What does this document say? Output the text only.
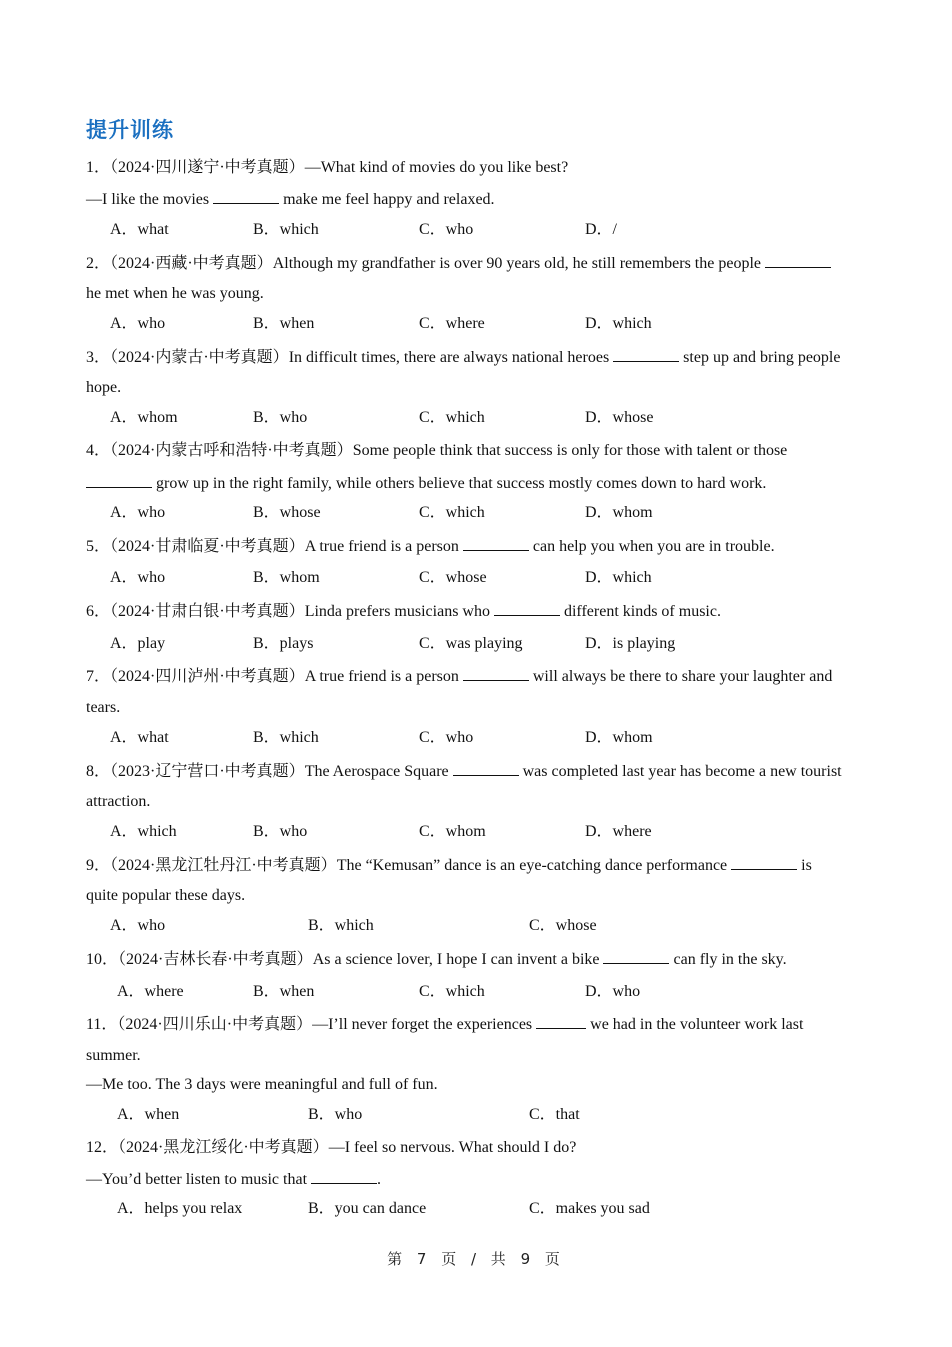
提升训练
1．（2024·四川遂宁·中考真题）—What kind of movies do you like best?
—I like the movies	make me feel happy and relaxed.
A．what	B．which	C．who	D．/
2．（2024·西藏·中考真题）Although my grandfather is over 90 years old, he still remembers the people
he met when he was young.
A．who	B．when	C．where	D．which
3．（2024·内蒙古·中考真题）In difficult times, there are always national heroes	step up and bring people
hope.
A．whom	B．who	C．which	D．whose
4．（2024·内蒙古呼和浩特·中考真题）Some people think that success is only for those with talent or those
grow up in the right family, while others believe that success mostly comes down to hard work.
A．who	B．whose	C．which	D．whom
5．（2024·甘肃临夏·中考真题）A true friend is a person	can help you when you are in trouble.
A．who	B．whom	C．whose	D．which
6．（2024·甘肃白银·中考真题）Linda prefers musicians who	different kinds of music.
A．play	B．plays	C．was playing	D．is playing
7．（2024·四川泸州·中考真题）A true friend is a person	will always be there to share your laughter and
tears.
A．what	B．which	C．who	D．whom
8．（2023·辽宁营口·中考真题）The Aerospace Square	was completed last year has become a new tourist
attraction.
A．which	B．who	C．whom	D．where
9．（2024·黑龙江牡丹江·中考真题）The “Kemusan” dance is an eye-catching dance performance	is
quite popular these days.
A．who	B．which	C．whose
10．（2024·吉林长春·中考真题）As a science lover, I hope I can invent a bike	can fly in the sky.
A．where	B．when	C．which	D．who
11．（2024·四川乐山·中考真题）—I’ll never forget the experiences	we had in the volunteer work last
summer.
—Me too. The 3 days were meaningful and full of fun.
A．when	B．who	C．that
12．（2024·黑龙江绥化·中考真题）—I feel so nervous. What should I do?
—You’d better listen to music that	.
A．helps you relax	B．you can dance	C．makes you sad
第 7 页 / 共 9 页
